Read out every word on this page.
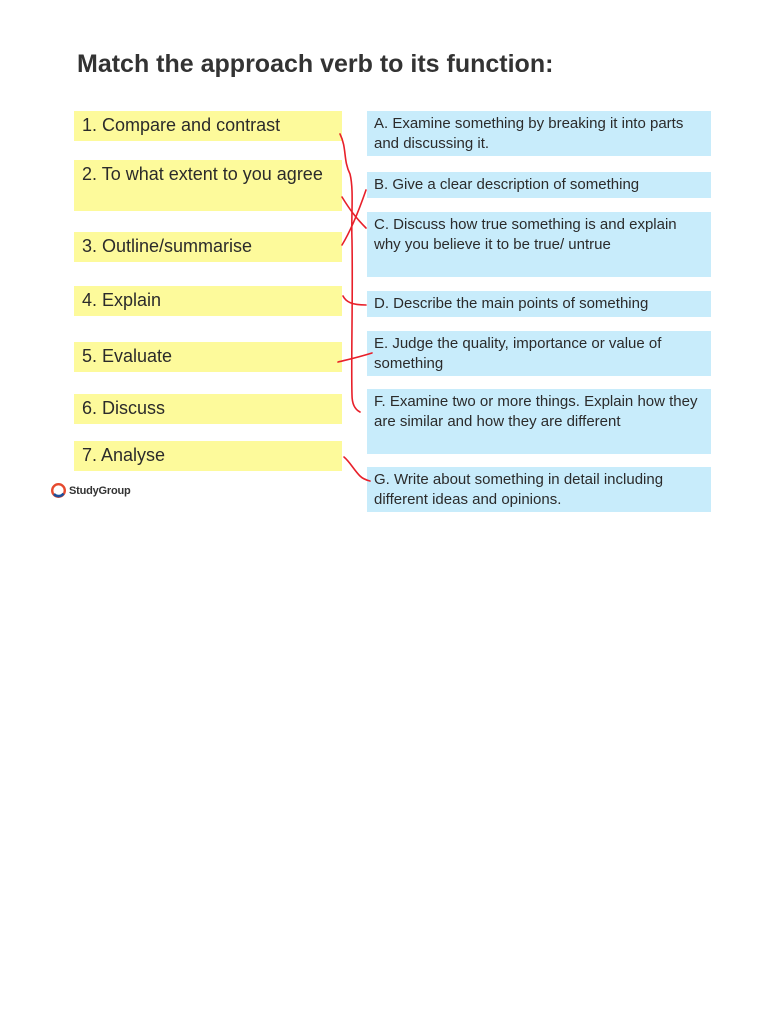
Match the approach verb to its function:
1. Compare and contrast
2. To what extent to you agree
3. Outline/summarise
4. Explain
5. Evaluate
6. Discuss
7. Analyse
A. Examine something by breaking it into parts and discussing it.
B. Give a clear description of something
C. Discuss how true something is and explain why you believe it to be true/ untrue
D. Describe the main points of something
E. Judge the quality, importance or value of something
F. Examine two or more things. Explain how they are similar and how they are different
G. Write about something in detail including different ideas and opinions.
StudyGroup
